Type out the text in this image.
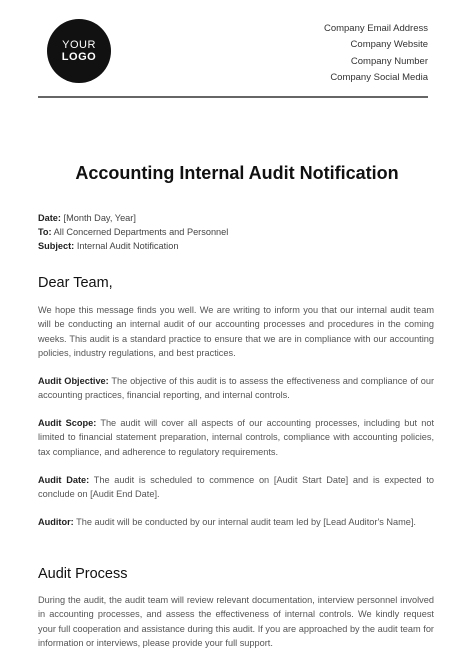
YOUR
LOGO
Company Email Address
Company Website
Company Number
Company Social Media
Accounting Internal Audit Notification
Date: [Month Day, Year]
To: All Concerned Departments and Personnel
Subject: Internal Audit Notification
Dear Team,

We hope this message finds you well. We are writing to inform you that our internal audit team will be conducting an internal audit of our accounting processes and procedures in the coming weeks. This audit is a standard practice to ensure that we are in compliance with our accounting policies, industry regulations, and best practices.

Audit Objective: The objective of this audit is to assess the effectiveness and compliance of our accounting practices, financial reporting, and internal controls.

Audit Scope: The audit will cover all aspects of our accounting processes, including but not limited to financial statement preparation, internal controls, compliance with accounting policies, tax compliance, and adherence to regulatory requirements.

Audit Date: The audit is scheduled to commence on [Audit Start Date] and is expected to conclude on [Audit End Date].

Auditor: The audit will be conducted by our internal audit team led by [Lead Auditor's Name].

Audit Process

During the audit, the audit team will review relevant documentation, interview personnel involved in accounting processes, and assess the effectiveness of internal controls. We kindly request your full cooperation and assistance during this audit. If you are approached by the audit team for information or interviews, please provide your full support.
